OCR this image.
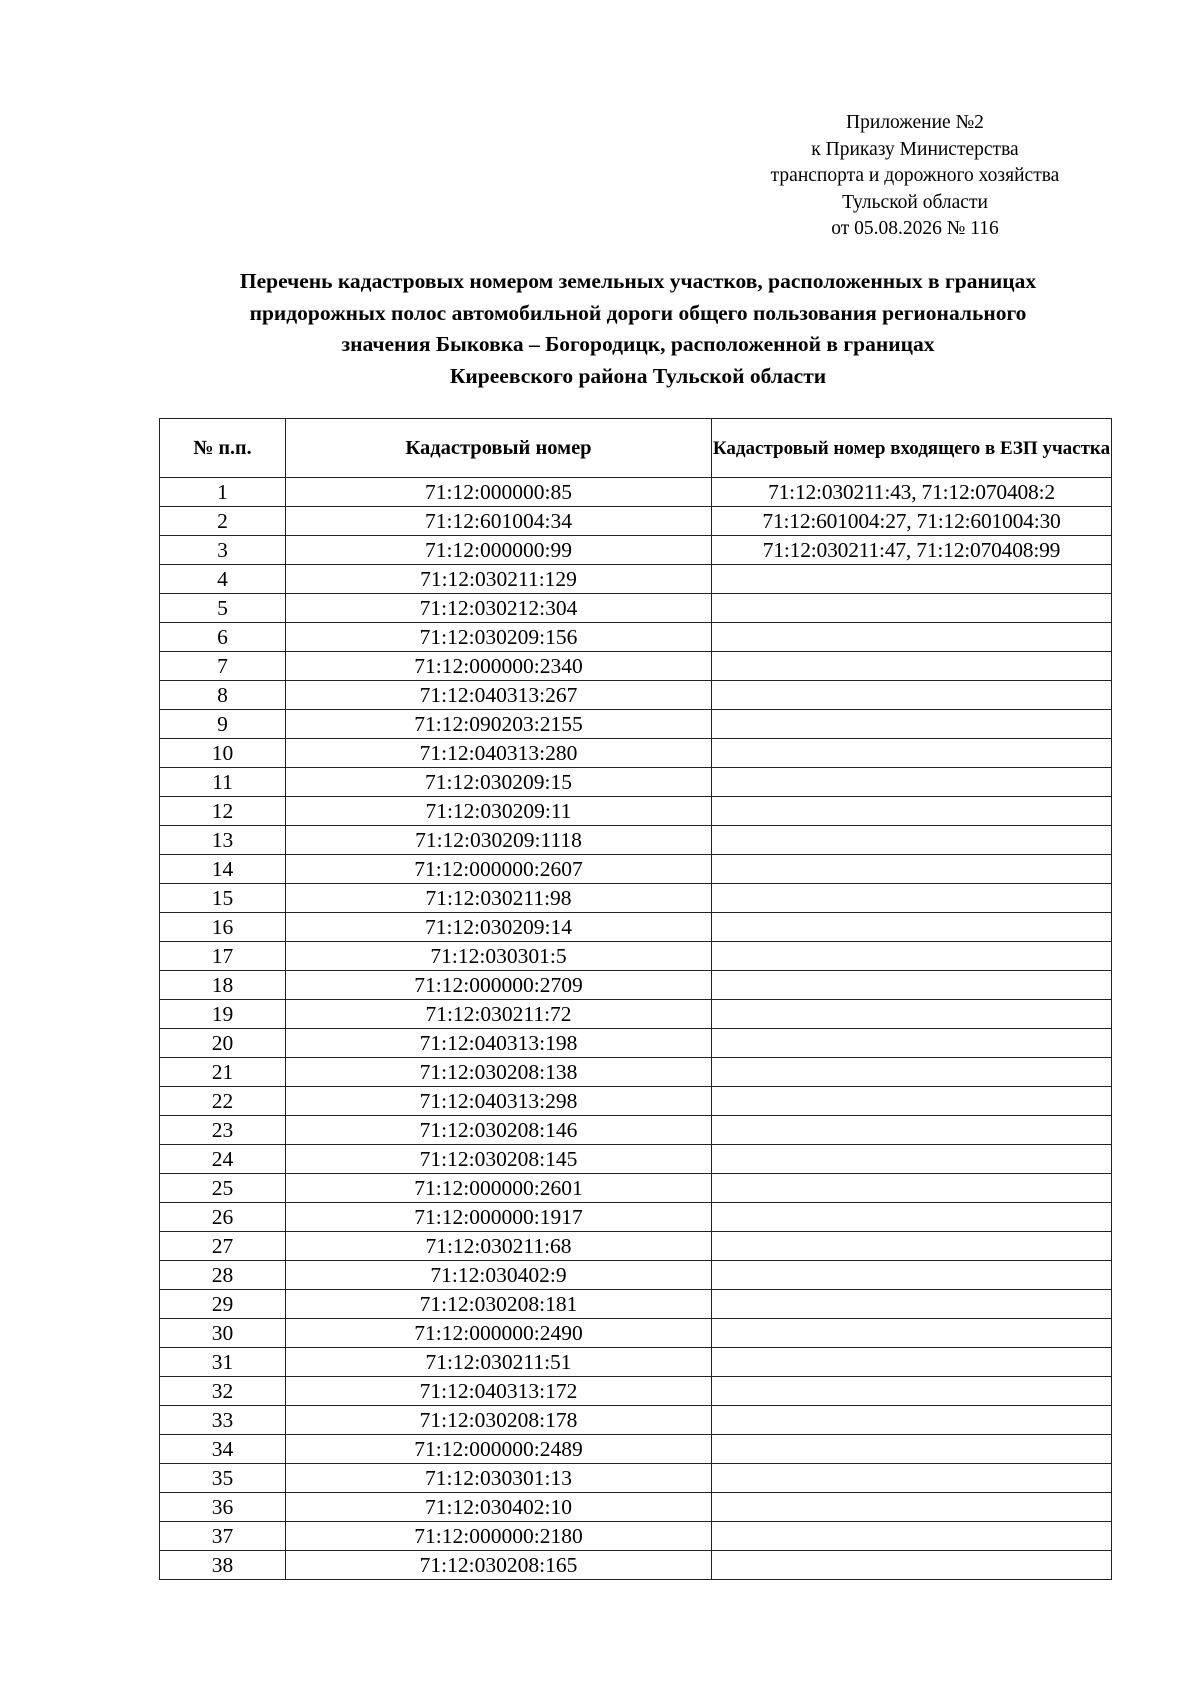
Приложение №2
к Приказу Министерства
транспорта и дорожного хозяйства
Тульской области
от 05.08.2026 № 116
Перечень кадастровых номером земельных участков, расположенных в границах
придорожных полос автомобильной дороги общего пользования регионального
значения Быковка – Богородицк, расположенной в границах
Киреевского района Тульской области
№ п.п.	Кадастровый номер	Кадастровый номер входящего в ЕЗП участка
1	71:12:000000:85	71:12:030211:43, 71:12:070408:2
2	71:12:601004:34	71:12:601004:27, 71:12:601004:30
3	71:12:000000:99	71:12:030211:47, 71:12:070408:99
4	71:12:030211:129	
5	71:12:030212:304	
6	71:12:030209:156	
7	71:12:000000:2340	
8	71:12:040313:267	
9	71:12:090203:2155	
10	71:12:040313:280	
11	71:12:030209:15	
12	71:12:030209:11	
13	71:12:030209:1118	
14	71:12:000000:2607	
15	71:12:030211:98	
16	71:12:030209:14	
17	71:12:030301:5	
18	71:12:000000:2709	
19	71:12:030211:72	
20	71:12:040313:198	
21	71:12:030208:138	
22	71:12:040313:298	
23	71:12:030208:146	
24	71:12:030208:145	
25	71:12:000000:2601	
26	71:12:000000:1917	
27	71:12:030211:68	
28	71:12:030402:9	
29	71:12:030208:181	
30	71:12:000000:2490	
31	71:12:030211:51	
32	71:12:040313:172	
33	71:12:030208:178	
34	71:12:000000:2489	
35	71:12:030301:13	
36	71:12:030402:10	
37	71:12:000000:2180	
38	71:12:030208:165	
